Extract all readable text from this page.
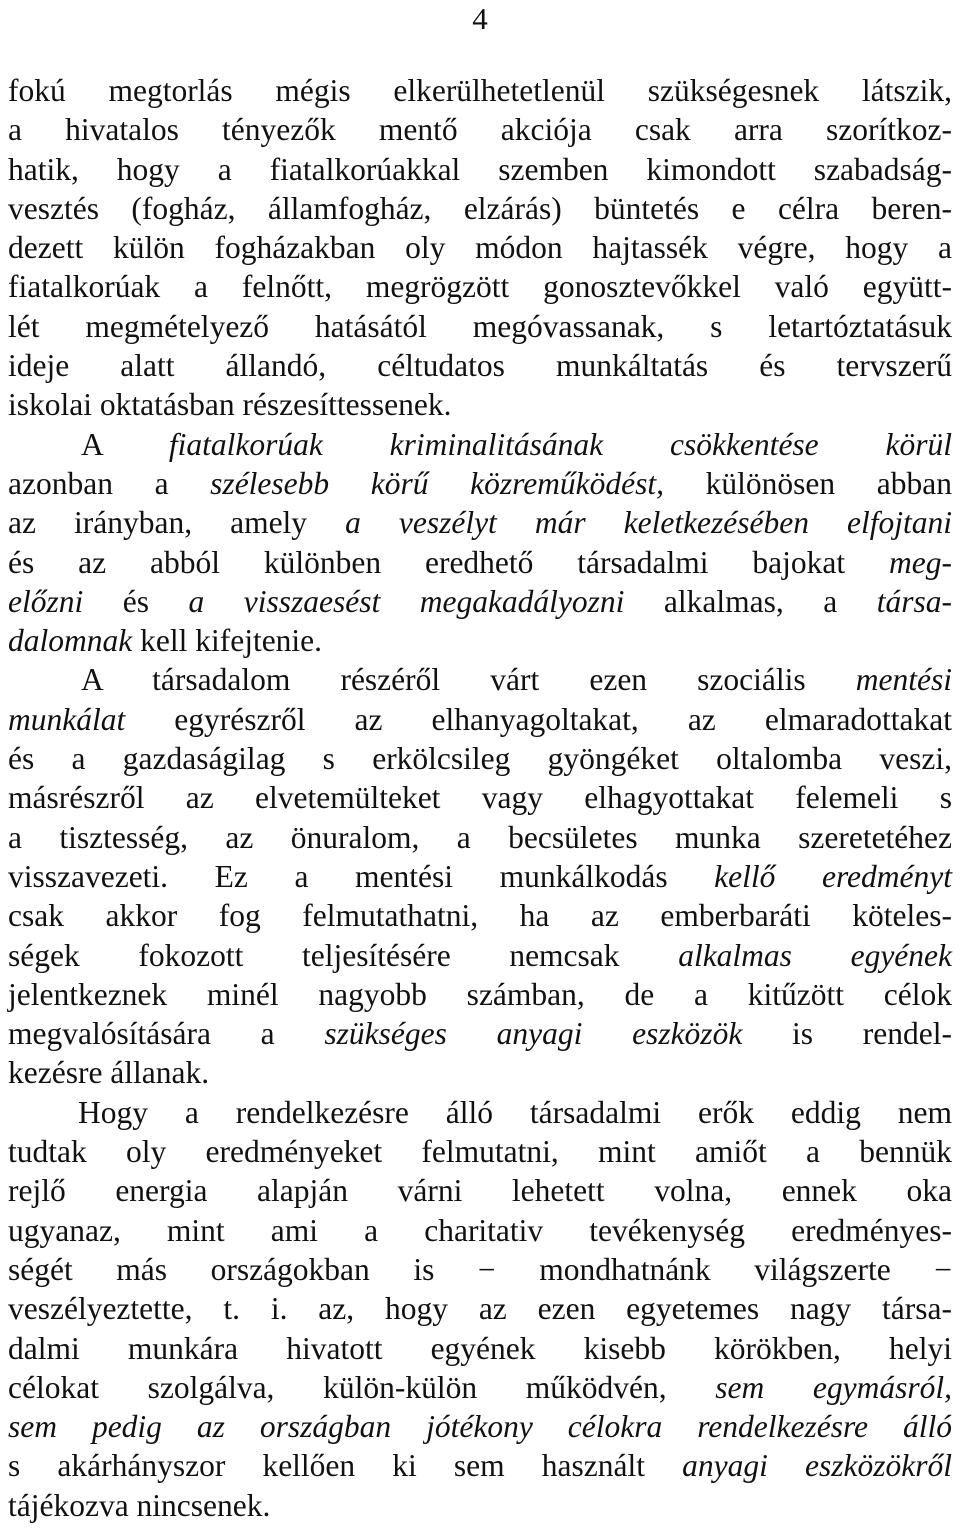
4
fokú megtorlás mégis elkerülhetetlenül szükségesnek látszik,
a hivatalos tényezők mentő akciója csak arra szorítkoz-
hatik, hogy a fiatalkorúakkal szemben kimondott szabadság-
vesztés (fogház, államfogház, elzárás) büntetés e célra beren-
dezett külön fogházakban oly módon hajtassék végre, hogy a
fiatalkorúak a felnőtt, megrögzött gonosztevőkkel való együtt-
lét megmételyező hatásától megóvassanak, s letartóztatásuk
ideje alatt állandó, céltudatos munkáltatás és tervszerű
iskolai oktatásban részesíttessenek.
A fiatalkorúak kriminalitásának csökkentése körül
azonban a szélesebb körű közreműködést, különösen abban
az irányban, amely a veszélyt már keletkezésében elfojtani
és az abból különben eredhető társadalmi bajokat meg-
előzni és a visszaesést megakadályozni alkalmas, a társa-
dalomnak kell kifejtenie.
A társadalom részéről várt ezen szociális mentési
munkálat egyrészről az elhanyagoltakat, az elmaradottakat
és a gazdaságilag s erkölcsileg gyöngéket oltalomba veszi,
másrészről az elvetemülteket vagy elhagyottakat felemeli s
a tisztesség, az önuralom, a becsületes munka szeretetéhez
visszavezeti. Ez a mentési munkálkodás kellő eredményt
csak akkor fog felmutathatni, ha az emberbaráti köteles-
ségek fokozott teljesítésére nemcsak alkalmas egyének
jelentkeznek minél nagyobb számban, de a kitűzött célok
megvalósítására a szükséges anyagi eszközök is rendel-
kezésre állanak.
Hogy a rendelkezésre álló társadalmi erők eddig nem
tudtak oly eredményeket felmutatni, mint amiőt a bennük
rejlő energia alapján várni lehetett volna, ennek oka
ugyanaz, mint ami a charitativ tevékenység eredményes-
ségét más országokban is − mondhatnánk világszerte −
veszélyeztette, t. i. az, hogy az ezen egyetemes nagy társa-
dalmi munkára hivatott egyének kisebb körökben, helyi
célokat szolgálva, külön-külön működvén, sem egymásról,
sem pedig az országban jótékony célokra rendelkezésre álló
s akárhányszor kellően ki sem használt anyagi eszközökről
tájékozva nincsenek.
